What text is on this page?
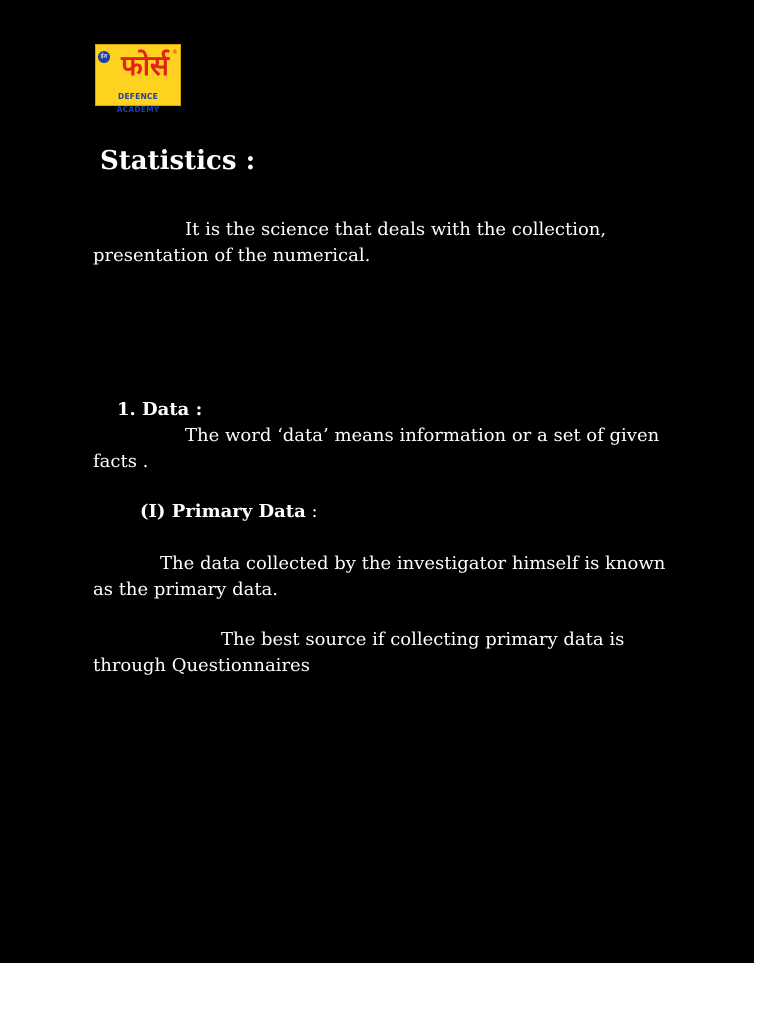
ईश फोर्स ®
DEFENCE ACADEMY
Statistics :
It is the science that deals with the collection, presentation of the numerical.
1. Data :
The word ‘data’ means information or a set of given facts .
(I) Primary Data :
The data collected by the investigator himself is known as the primary data.
The best source if collecting primary data is through Questionnaires
